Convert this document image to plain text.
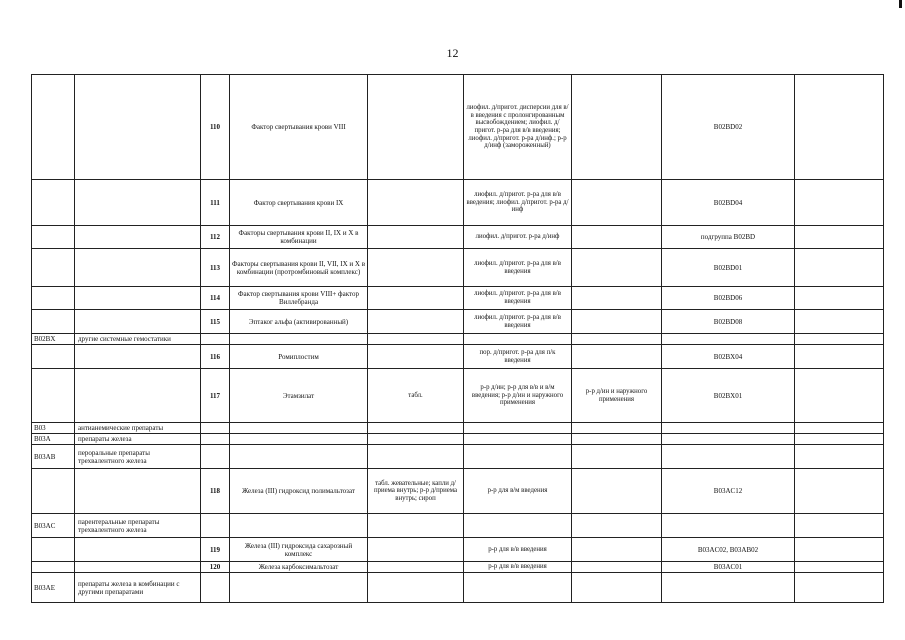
12
		110	Фактор свертывания крови VIII		лиофил. д/пригот. дисперсии для в/в введения с пролонгированным высвобождением; лиофил. д/пригот. р-ра для в/в введения; лиофил. д/пригот. р-ра д/инф.; р-р д/инф (замороженный)		B02BD02	
		111	Фактор свертывания крови IX		лиофил. д/пригот. р-ра для в/в введения; лиофил. д/пригот. р-ра д/инф		B02BD04	
		112	Факторы свертывания крови II, IX и X в комбинации		лиофил. д/пригот. р-ра д/инф		подгруппа B02BD	
		113	Факторы свертывания крови II, VII, IX и X в комбинации (протромбиновый комплекс)		лиофил. д/пригот. р-ра для в/в введения		B02BD01	
		114	Фактор свертывания крови VIII+ фактор Виллебранда		лиофил. д/пригот. р-ра для в/в введения		B02BD06	
		115	Эптаког альфа (активированный)		лиофил. д/пригот. р-ра для в/в введения		B02BD08	
B02BX	другие системные гемостатики							
		116	Ромиплостим		пор. д/пригот. р-ра для п/к введения		B02BX04	
		117	Этамзилат	табл.	р-р д/ин; р-р для в/в и в/м введения; р-р д/ин и наружного применения	р-р д/ин и наружного применения	B02BX01	
B03	антианемические препараты							
B03A	препараты железа							
B03AB	пероральные препараты трехвалентного железа							
		118	Железа (III) гидроксид полимальтозат	табл. жевательные; капли д/приема внутрь; р-р д/приема внутрь; сироп	р-р для в/м введения		B03AC12	
B03AC	парентеральные препараты трехвалентного железа							
		119	Железа (III) гидроксида сахарозный комплекс		р-р для в/в введения		B03AC02, B03AB02	
		120	Железа карбоксимальтозат		р-р для в/в введения		B03AC01	
B03AE	препараты железа в комбинации с другими препаратами							
